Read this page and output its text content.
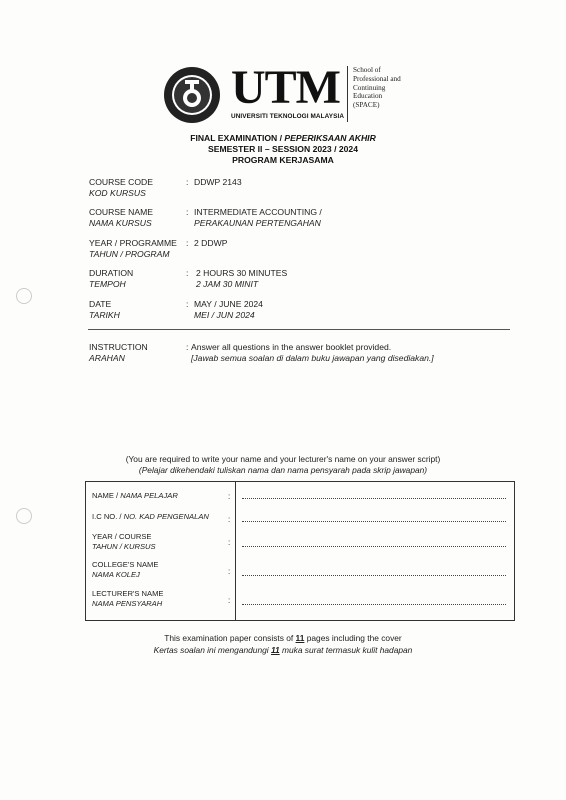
UTM
UNIVERSITI TEKNOLOGI MALAYSIA
School of
Professional and
Continuing
Education
(SPACE)
FINAL EXAMINATION / PEPERIKSAAN AKHIR
SEMESTER II – SESSION 2023 / 2024
PROGRAM KERJASAMA
COURSE CODE
KOD KURSUS
: DDWP 2143
COURSE NAME
NAMA KURSUS
: INTERMEDIATE ACCOUNTING /
PERAKAUNAN PERTENGAHAN
YEAR / PROGRAMME
TAHUN / PROGRAM
: 2 DDWP
DURATION
TEMPOH
: 2 HOURS 30 MINUTES
2 JAM 30 MINIT
DATE
TARIKH
: MAY / JUNE 2024
MEI / JUN 2024
INSTRUCTION
ARAHAN
: Answer all questions in the answer booklet provided.
[Jawab semua soalan di dalam buku jawapan yang disediakan.]
(You are required to write your name and your lecturer's name on your answer script)
(Pelajar dikehendaki tuliskan nama dan nama pensyarah pada skrip jawapan)
NAME / NAMA PELAJAR	:
I.C NO. / NO. KAD PENGENALAN :
YEAR / COURSE
TAHUN / KURSUS	:
COLLEGE'S NAME
NAMA KOLEJ	:
LECTURER'S NAME
NAMA PENSYARAH	:
This examination paper consists of 11 pages including the cover
Kertas soalan ini mengandungi 11 muka surat termasuk kulit hadapan
